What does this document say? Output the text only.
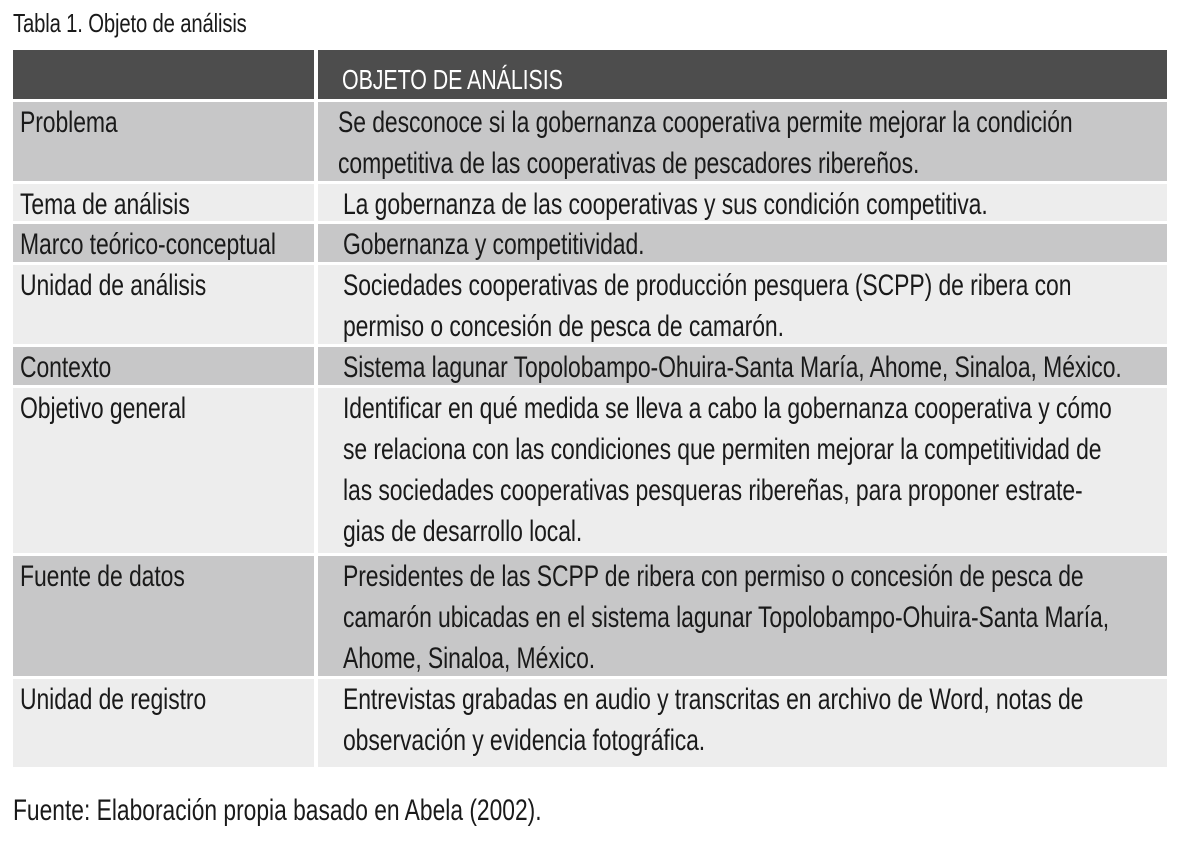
Tabla 1. Objeto de análisis
OBJETO DE ANÁLISIS
Problema	Se desconoce si la gobernanza cooperativa permite mejorar la condición
competitiva de las cooperativas de pescadores ribereños.
Tema de análisis	La gobernanza de las cooperativas y sus condición competitiva.
Marco teórico-conceptual	Gobernanza y competitividad.
Unidad de análisis	Sociedades cooperativas de producción pesquera (SCPP) de ribera con
permiso o concesión de pesca de camarón.
Contexto	Sistema lagunar Topolobampo-Ohuira-Santa María, Ahome, Sinaloa, México.
Objetivo general	Identificar en qué medida se lleva a cabo la gobernanza cooperativa y cómo
se relaciona con las condiciones que permiten mejorar la competitividad de
las sociedades cooperativas pesqueras ribereñas, para proponer estrate-
gias de desarrollo local.
Fuente de datos	Presidentes de las SCPP de ribera con permiso o concesión de pesca de
camarón ubicadas en el sistema lagunar Topolobampo-Ohuira-Santa María,
Ahome, Sinaloa, México.
Unidad de registro	Entrevistas grabadas en audio y transcritas en archivo de Word, notas de
observación y evidencia fotográfica.
Fuente: Elaboración propia basado en Abela (2002).
